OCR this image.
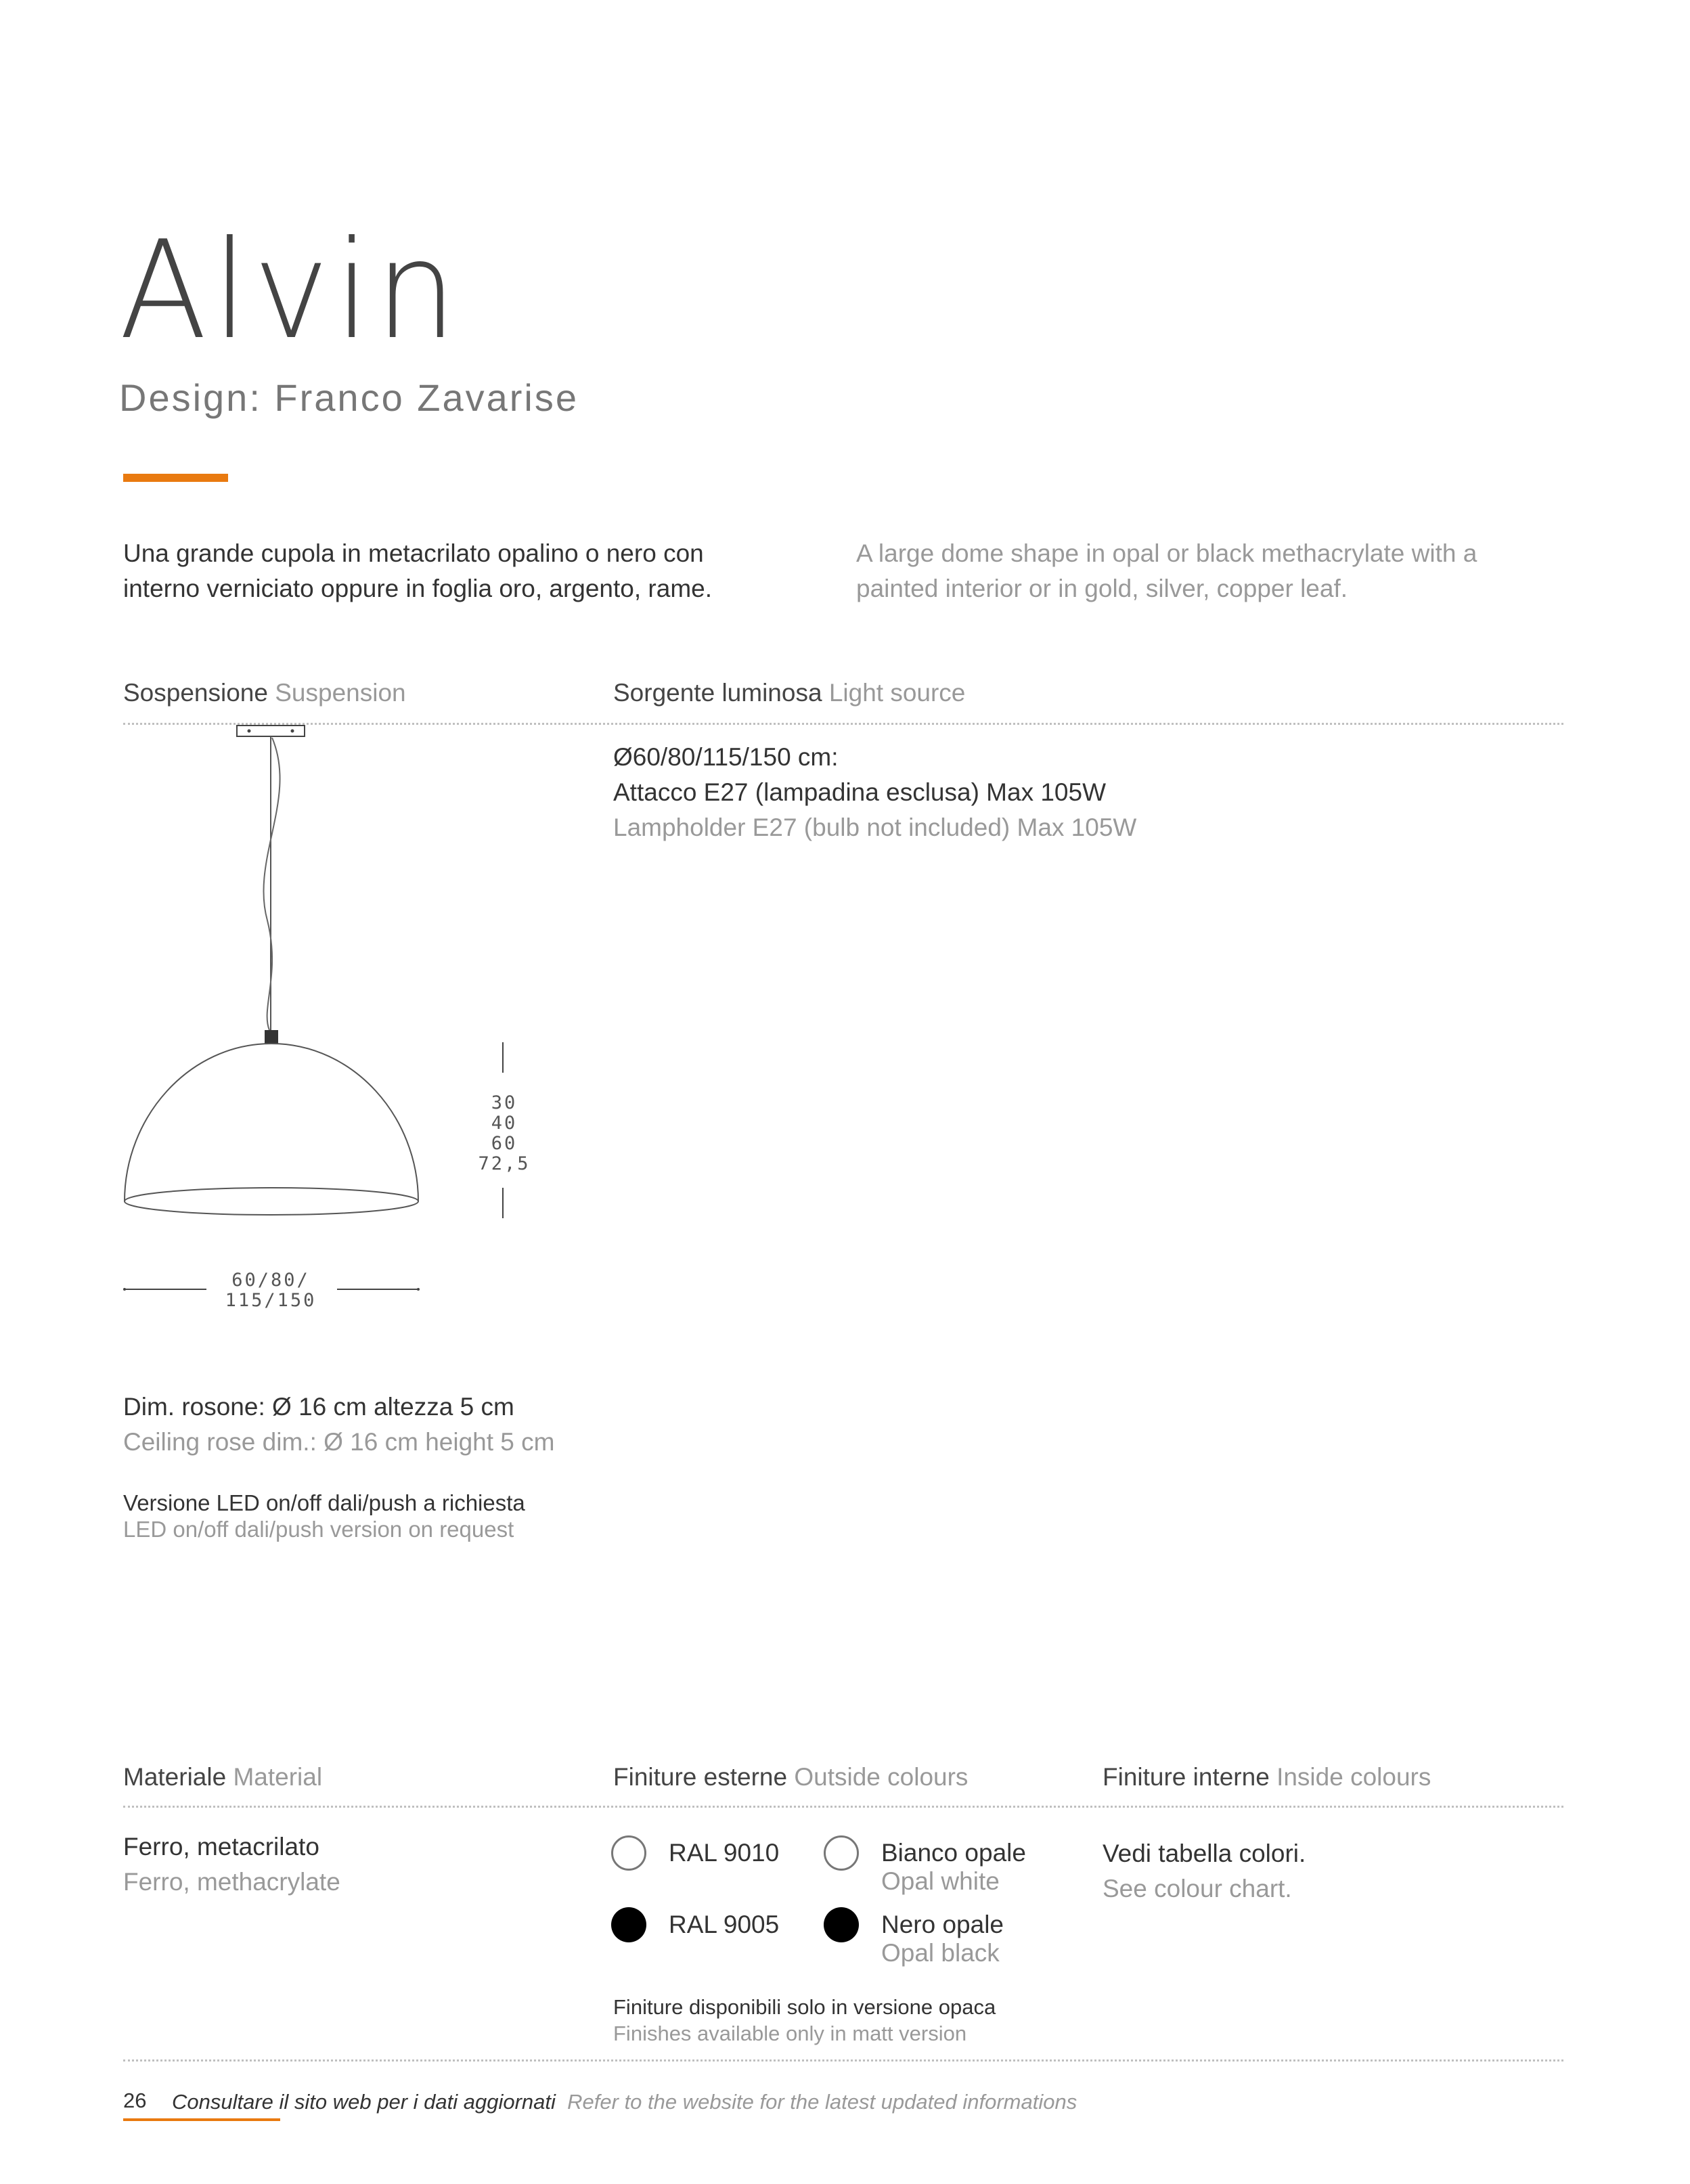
Alvin
Design: Franco Zavarise
Una grande cupola in metacrilato opalino o nero con interno verniciato oppure in foglia oro, argento, rame.
A large dome shape in opal or black methacrylate with a painted interior or in gold, silver, copper leaf.
Sospensione Suspension	Sorgente luminosa Light source
30
40
60
72,5
60/80/
115/150
Ø60/80/115/150 cm:
Attacco E27 (lampadina esclusa) Max 105W
Lampholder E27 (bulb not included) Max 105W
Dim. rosone: Ø 16 cm altezza 5 cm
Ceiling rose dim.: Ø 16 cm height 5 cm
Versione LED on/off dali/push a richiesta
LED on/off dali/push version on request
Materiale Material	Finiture esterne Outside colours	Finiture interne Inside colours
Ferro, metacrilato
Ferro, methacrylate
RAL 9010	Bianco opale
Opal white
RAL 9005	Nero opale
Opal black
Finiture disponibili solo in versione opaca
Finishes available only in matt version
Vedi tabella colori.
See colour chart.
26 Consultare il sito web per i dati aggiornati Refer to the website for the latest updated informations
